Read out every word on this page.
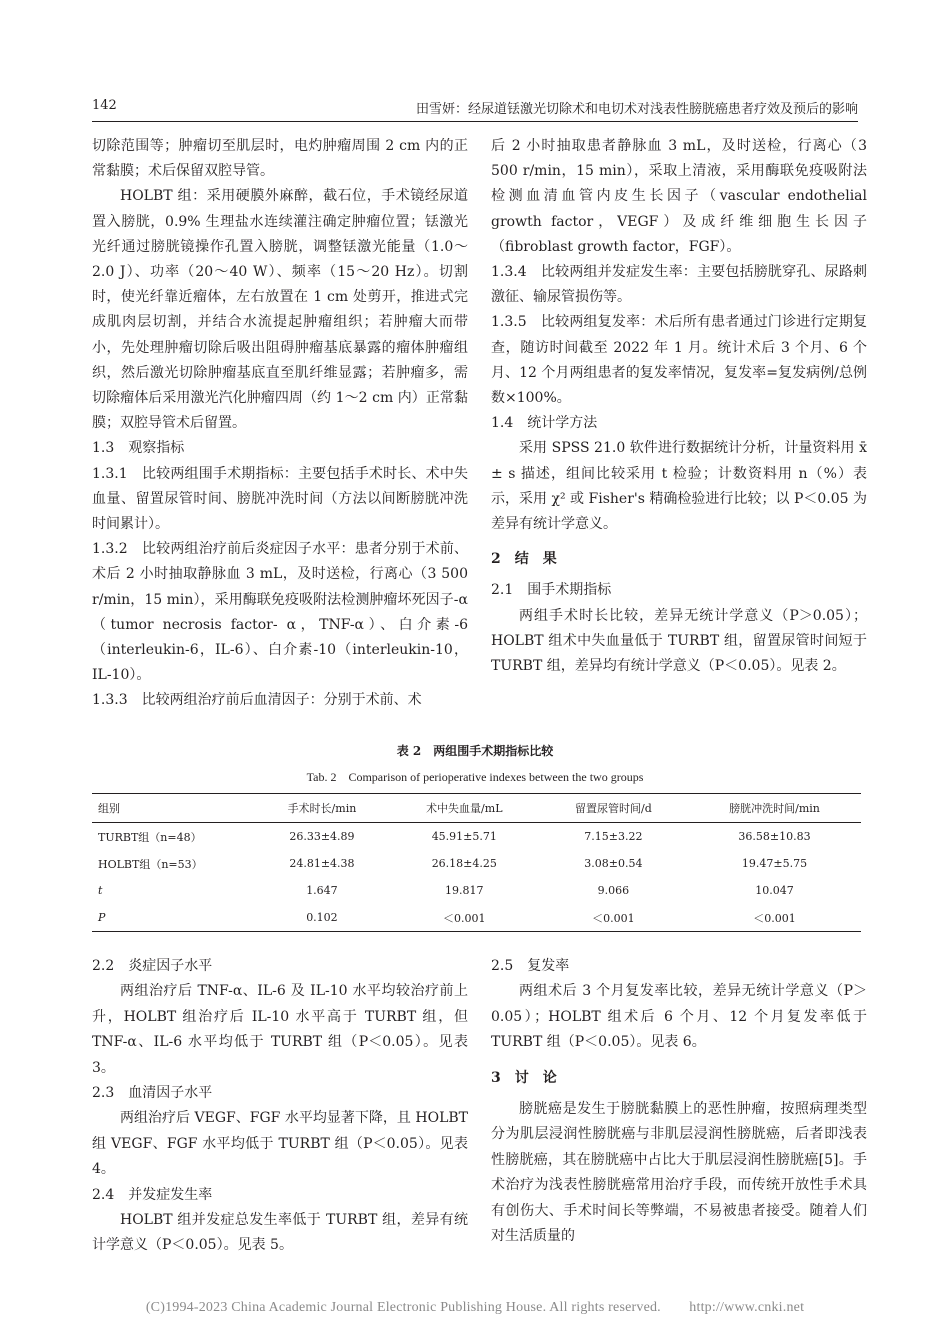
142	田雪妍：经尿道铥激光切除术和电切术对浅表性膀胱癌患者疗效及预后的影响

切除范围等；肿瘤切至肌层时，电灼肿瘤周围 2 cm 内的正常黏膜；术后保留双腔导管。

HOLBT 组：采用硬膜外麻醉，截石位，手术镜经尿道置入膀胱，0.9% 生理盐水连续灌注确定肿瘤位置；铥激光光纤通过膀胱镜操作孔置入膀胱，调整铥激光能量（1.0～2.0 J）、功率（20～40 W）、频率（15～20 Hz）。切割时，使光纤靠近瘤体，左右放置在 1 cm 处剪开，推进式完成肌肉层切割，并结合水流提起肿瘤组织；若肿瘤大而带小，先处理肿瘤切除后吸出阻碍肿瘤基底暴露的瘤体肿瘤组织，然后激光切除肿瘤基底直至肌纤维显露；若肿瘤多，需切除瘤体后采用激光汽化肿瘤四周（约 1～2 cm 内）正常黏膜；双腔导管术后留置。

1.3　观察指标

1.3.1　比较两组围手术期指标：主要包括手术时长、术中失血量、留置尿管时间、膀胱冲洗时间（方法以间断膀胱冲洗时间累计）。

1.3.2　比较两组治疗前后炎症因子水平：患者分别于术前、术后 2 小时抽取静脉血 3 mL，及时送检，行离心（3 500 r/min，15 min），采用酶联免疫吸附法检测肿瘤坏死因子-α（tumor necrosis factor- α，TNF-α）、白介素-6（interleukin-6，IL-6）、白介素-10（interleukin-10，IL-10）。

1.3.3　比较两组治疗前后血清因子：分别于术前、术

后 2 小时抽取患者静脉血 3 mL，及时送检，行离心（3 500 r/min，15 min），采取上清液，采用酶联免疫吸附法检测血清血管内皮生长因子（vascular endothelial growth factor，VEGF）及成纤维细胞生长因子（fibroblast growth factor，FGF）。

1.3.4　比较两组并发症发生率：主要包括膀胱穿孔、尿路刺激征、输尿管损伤等。

1.3.5　比较两组复发率：术后所有患者通过门诊进行定期复查，随访时间截至 2022 年 1 月。统计术后 3 个月、6 个月、12 个月两组患者的复发率情况，复发率=复发病例/总例数×100%。

1.4　统计学方法

采用 SPSS 21.0 软件进行数据统计分析，计量资料用 x̄ ± s 描述，组间比较采用 t 检验；计数资料用 n（%）表示，采用 χ² 或 Fisher's 精确检验进行比较；以 P＜0.05 为差异有统计学意义。

2　结　果

2.1　围手术期指标

两组手术时长比较，差异无统计学意义（P＞0.05）；HOLBT 组术中失血量低于 TURBT 组，留置尿管时间短于 TURBT 组，差异均有统计学意义（P＜0.05）。见表 2。

表 2　两组围手术期指标比较
Tab. 2　Comparison of perioperative indexes between the two groups
组别	手术时长/min	术中失血量/mL	留置尿管时间/d	膀胱冲洗时间/min
TURBT组（n=48）	26.33±4.89	45.91±5.71	7.15±3.22	36.58±10.83
HOLBT组（n=53）	24.81±4.38	26.18±4.25	3.08±0.54	19.47±5.75
t	1.647	19.817	9.066	10.047
P	0.102	＜0.001	＜0.001	＜0.001

2.2　炎症因子水平

两组治疗后 TNF-α、IL-6 及 IL-10 水平均较治疗前上升，HOLBT 组治疗后 IL-10 水平高于 TURBT 组，但 TNF-α、IL-6 水平均低于 TURBT 组（P＜0.05）。见表 3。

2.3　血清因子水平

两组治疗后 VEGF、FGF 水平均显著下降，且 HOLBT 组 VEGF、FGF 水平均低于 TURBT 组（P＜0.05）。见表 4。

2.4　并发症发生率

HOLBT 组并发症总发生率低于 TURBT 组，差异有统计学意义（P＜0.05）。见表 5。

2.5　复发率

两组术后 3 个月复发率比较，差异无统计学意义（P＞0.05）；HOLBT 组术后 6 个月、12 个月复发率低于 TURBT 组（P＜0.05）。见表 6。

3　讨　论

膀胱癌是发生于膀胱黏膜上的恶性肿瘤，按照病理类型分为肌层浸润性膀胱癌与非肌层浸润性膀胱癌，后者即浅表性膀胱癌，其在膀胱癌中占比大于肌层浸润性膀胱癌[5]。手术治疗为浅表性膀胱癌常用治疗手段，而传统开放性手术具有创伤大、手术时间长等弊端，不易被患者接受。随着人们对生活质量的

(C)1994-2023 China Academic Journal Electronic Publishing House. All rights reserved.　　http://www.cnki.net
